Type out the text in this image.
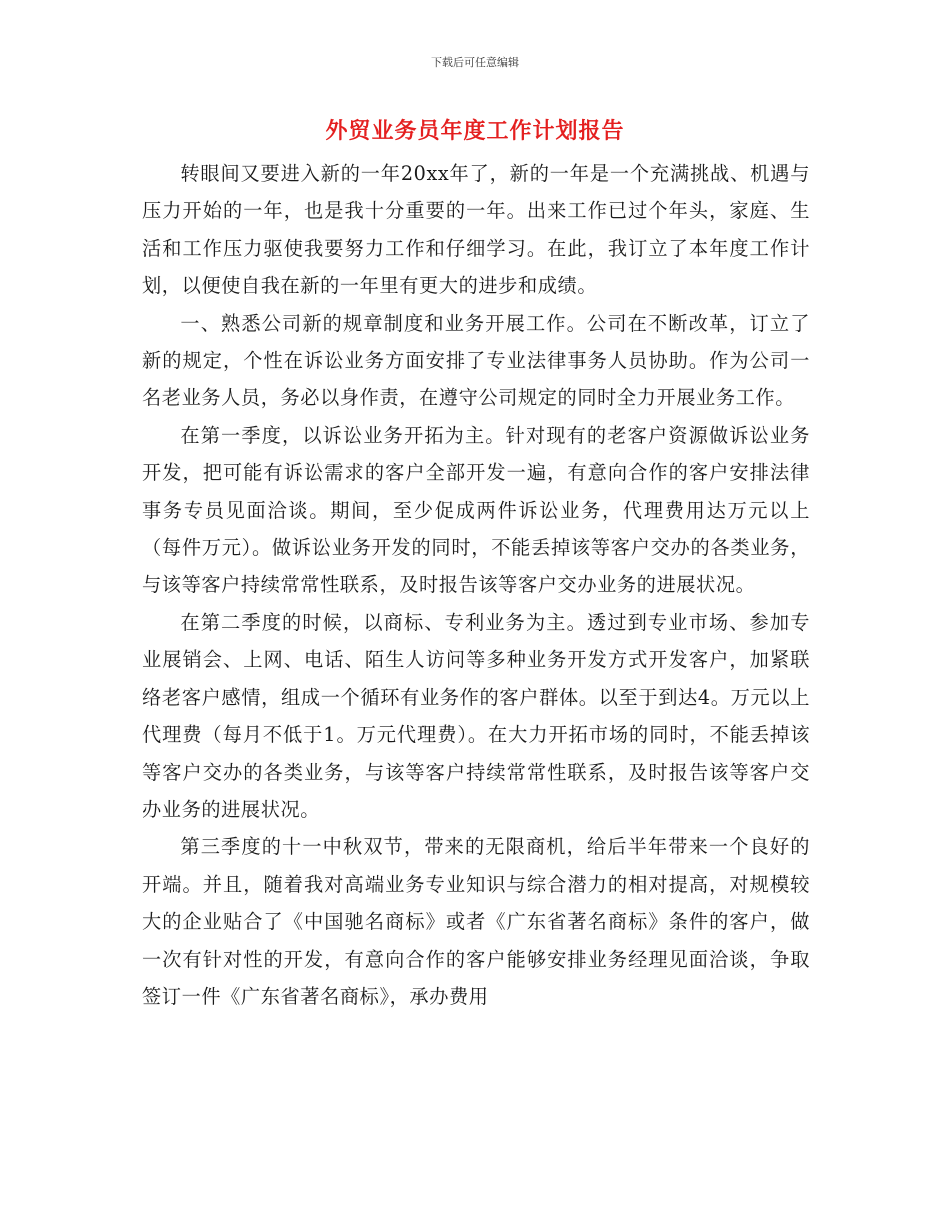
下载后可任意编辑
外贸业务员年度工作计划报告

转眼间又要进入新的一年20xx年了，新的一年是一个充满挑战、机遇与压力开始的一年，也是我十分重要的一年。出来工作已过个年头，家庭、生活和工作压力驱使我要努力工作和仔细学习。在此，我订立了本年度工作计划，以便使自我在新的一年里有更大的进步和成绩。

一、熟悉公司新的规章制度和业务开展工作。公司在不断改革，订立了新的规定，个性在诉讼业务方面安排了专业法律事务人员协助。作为公司一名老业务人员，务必以身作责，在遵守公司规定的同时全力开展业务工作。

在第一季度，以诉讼业务开拓为主。针对现有的老客户资源做诉讼业务开发，把可能有诉讼需求的客户全部开发一遍，有意向合作的客户安排法律事务专员见面洽谈。期间，至少促成两件诉讼业务，代理费用达万元以上（每件万元）。做诉讼业务开发的同时，不能丢掉该等客户交办的各类业务，与该等客户持续常常性联系，及时报告该等客户交办业务的进展状况。

在第二季度的时候，以商标、专利业务为主。透过到专业市场、参加专业展销会、上网、电话、陌生人访问等多种业务开发方式开发客户，加紧联络老客户感情，组成一个循环有业务作的客户群体。以至于到达4。万元以上代理费（每月不低于1。万元代理费）。在大力开拓市场的同时，不能丢掉该等客户交办的各类业务，与该等客户持续常常性联系，及时报告该等客户交办业务的进展状况。

第三季度的十一中秋双节，带来的无限商机，给后半年带来一个良好的开端。并且，随着我对高端业务专业知识与综合潜力的相对提高，对规模较大的企业贴合了《中国驰名商标》或者《广东省著名商标》条件的客户，做一次有针对性的开发，有意向合作的客户能够安排业务经理见面洽谈，争取签订一件《广东省著名商标》，承办费用
